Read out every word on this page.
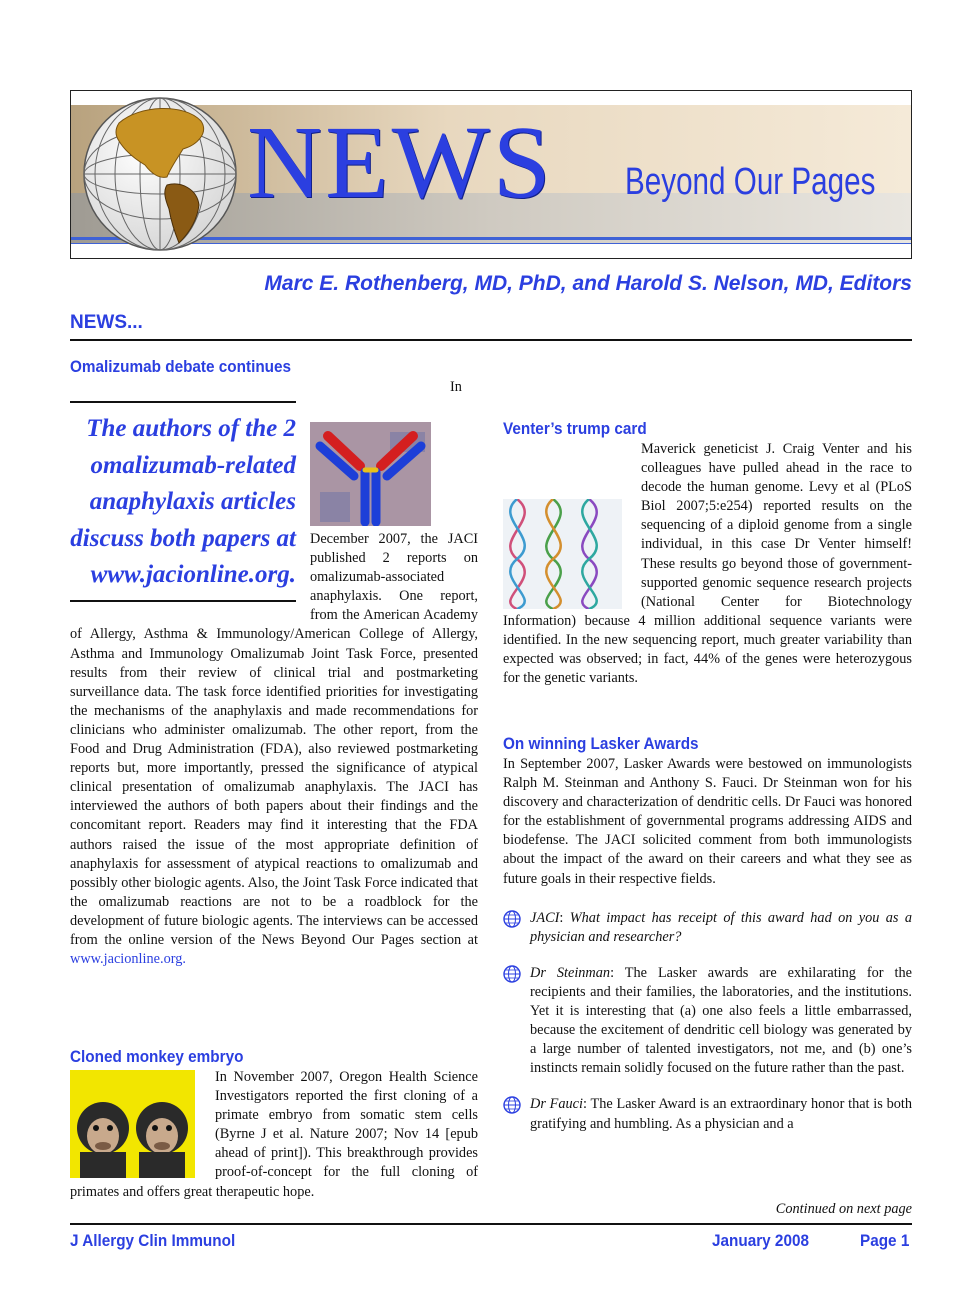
NEWS Beyond Our Pages
Marc E. Rothenberg, MD, PhD, and Harold S. Nelson, MD, Editors
NEWS...
Omalizumab debate continues
The authors of the 2 omalizumab-related anaphylaxis articles discuss both papers at www.jacionline.org.

In December 2007, the JACI published 2 reports on omalizumab-associated anaphylaxis. One report, from the American Academy of Allergy, Asthma & Immunology/American College of Allergy, Asthma and Immunology Omalizumab Joint Task Force, presented results from their review of clinical trial and postmarketing surveillance data. The task force identified priorities for investigating the mechanisms of the anaphylaxis and made recommendations for clinicians who administer omalizumab. The other report, from the Food and Drug Administration (FDA), also reviewed postmarketing reports but, more importantly, pressed the significance of atypical clinical presentation of omalizumab anaphylaxis. The JACI has interviewed the authors of both papers about their findings and the concomitant report. Readers may find it interesting that the FDA authors raised the issue of the most appropriate definition of anaphylaxis for assessment of atypical reactions to omalizumab and possibly other biologic agents. Also, the Joint Task Force indicated that the omalizumab reactions are not to be a roadblock for the development of future biologic agents. The interviews can be accessed from the online version of the News Beyond Our Pages section at www.jacionline.org.

Cloned monkey embryo

In November 2007, Oregon Health Science Investigators reported the first cloning of a primate embryo from somatic stem cells (Byrne J et al. Nature 2007; Nov 14 [epub ahead of print]). This breakthrough provides proof-of-concept for the full cloning of primates and offers great therapeutic hope.

Venter’s trump card

Maverick geneticist J. Craig Venter and his colleagues have pulled ahead in the race to decode the human genome. Levy et al (PLoS Biol 2007;5:e254) reported results on the sequencing of a diploid genome from a single individual, in this case Dr Venter himself! These results go beyond those of government-supported genomic sequence research projects (National Center for Biotechnology Information) because 4 million additional sequence variants were identified. In the new sequencing report, much greater variability than expected was observed; in fact, 44% of the genes were heterozygous for the genetic variants.

On winning Lasker Awards

In September 2007, Lasker Awards were bestowed on immunologists Ralph M. Steinman and Anthony S. Fauci. Dr Steinman won for his discovery and characterization of dendritic cells. Dr Fauci was honored for the establishment of governmental programs addressing AIDS and biodefense. The JACI solicited comment from both immunologists about the impact of the award on their careers and what they see as future goals in their respective fields.

JACI: What impact has receipt of this award had on you as a physician and researcher?
Dr Steinman: The Lasker awards are exhilarating for the recipients and their families, the laboratories, and the institutions. Yet it is interesting that (a) one also feels a little embarrassed, because the excitement of dendritic cell biology was generated by a large number of talented investigators, not me, and (b) one’s instincts remain solidly focused on the future rather than the past.
Dr Fauci: The Lasker Award is an extraordinary honor that is both gratifying and humbling. As a physician and a
Continued on next page
J Allergy Clin Immunol	January 2008	Page 1
